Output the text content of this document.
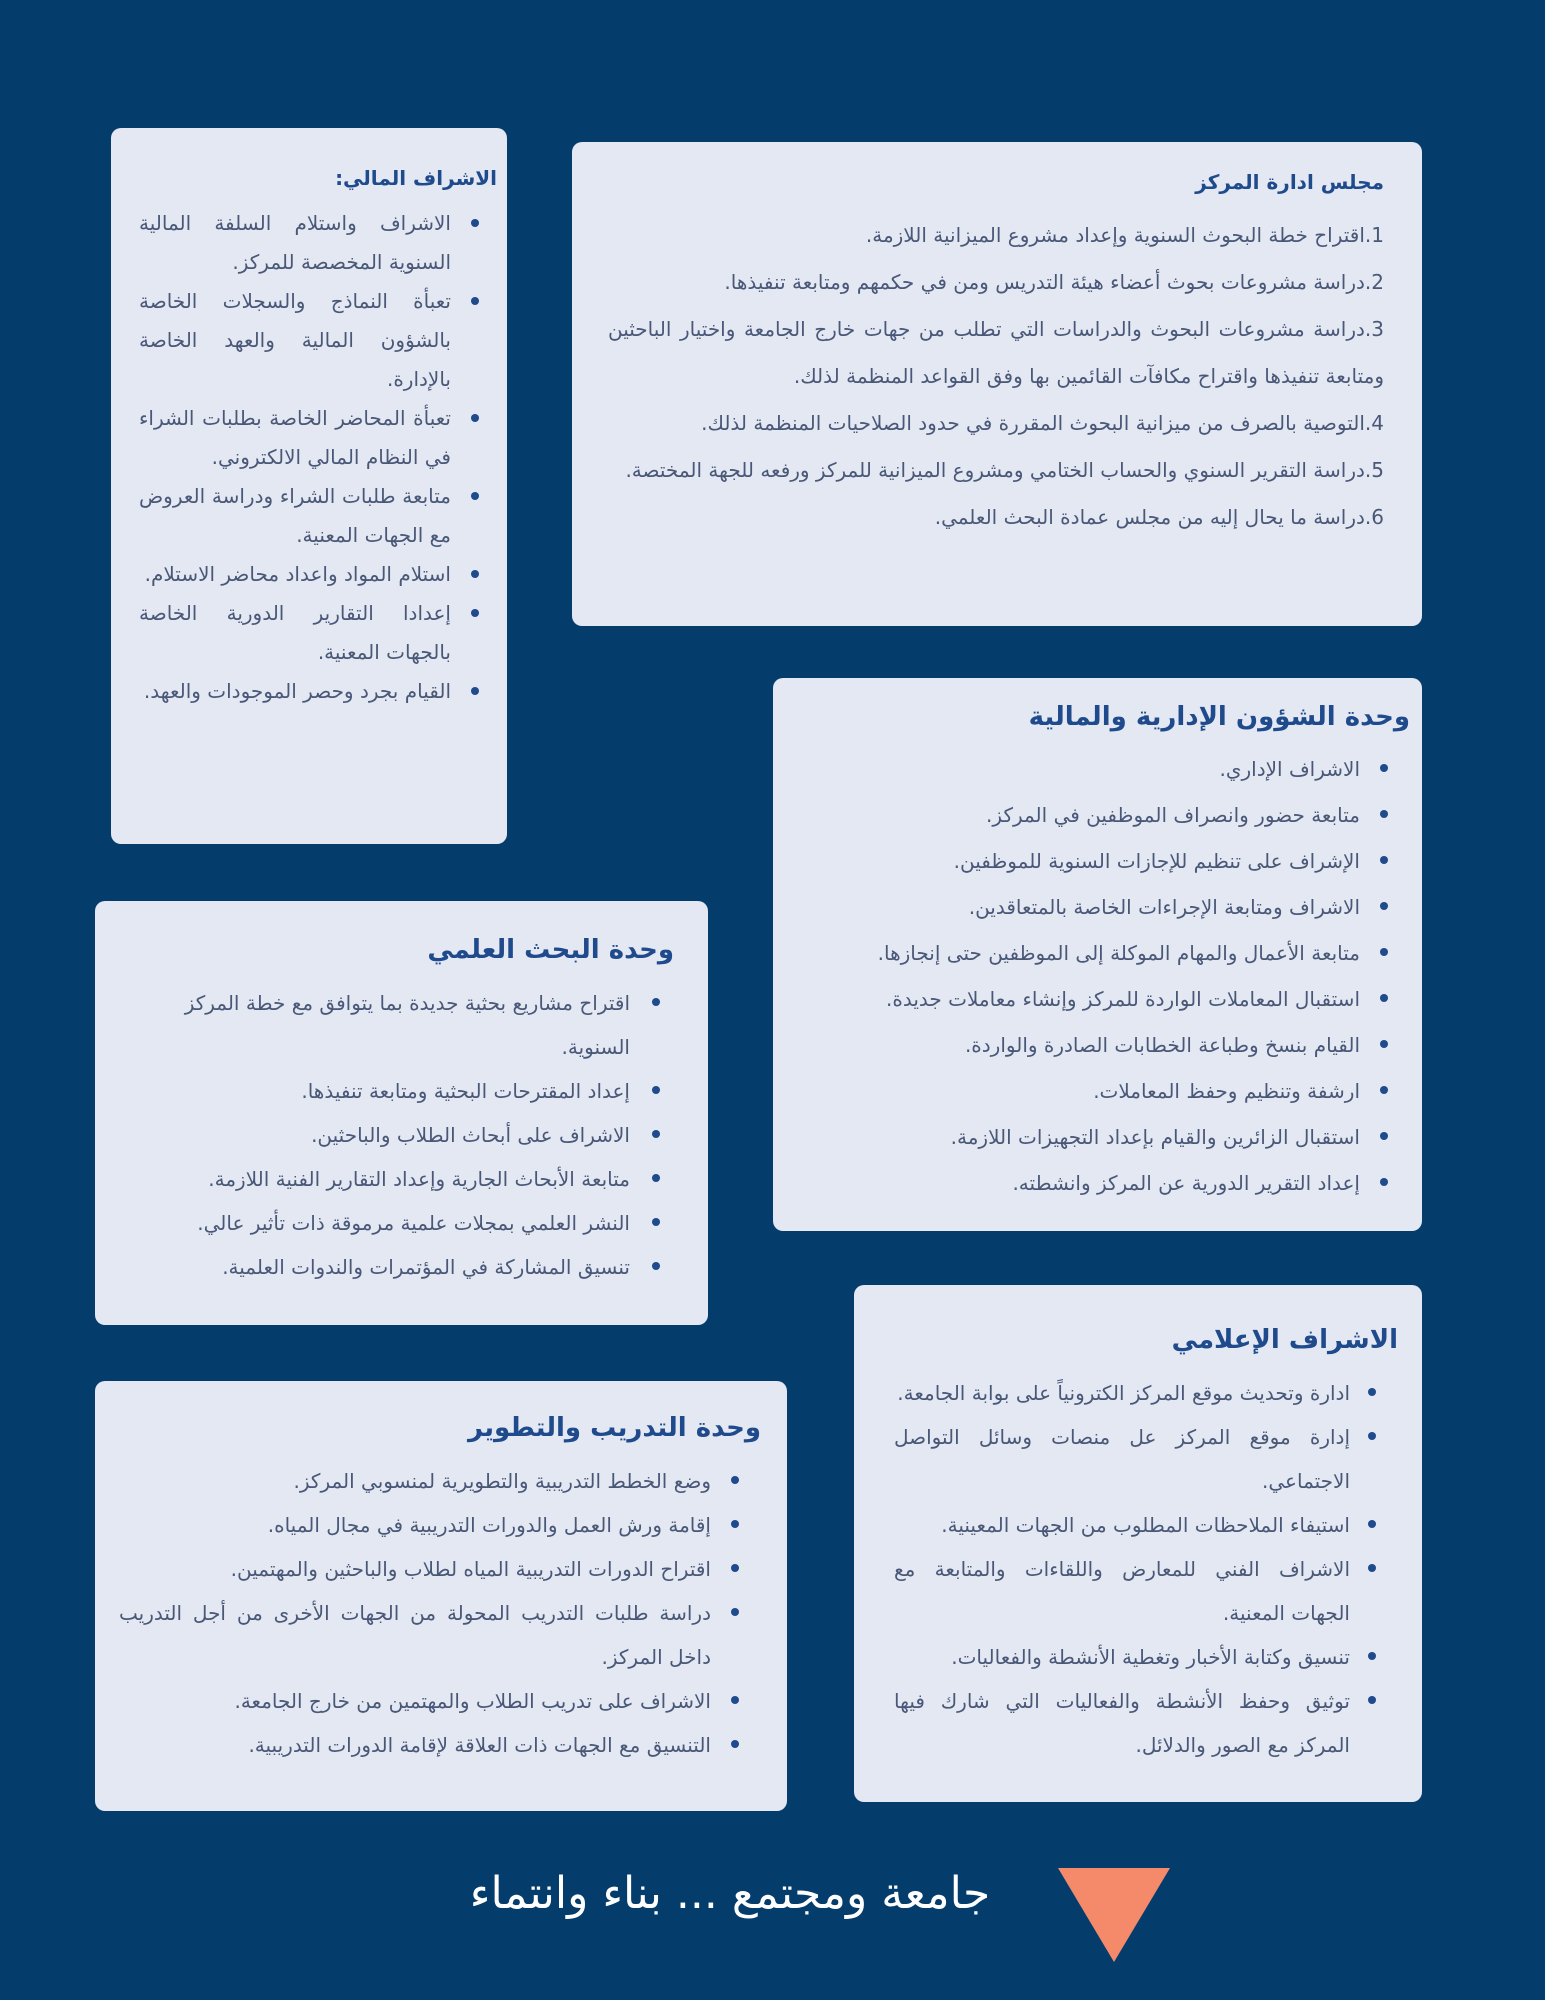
مجلس ادارة المركز
1.اقتراح خطة البحوث السنوية وإعداد مشروع الميزانية اللازمة.
2.دراسة مشروعات بحوث أعضاء هيئة التدريس ومن في حكمهم ومتابعة تنفيذها.
3.دراسة مشروعات البحوث والدراسات التي تطلب من جهات خارج الجامعة واختيار الباحثين ومتابعة تنفيذها واقتراح مكافآت القائمين بها وفق القواعد المنظمة لذلك.
4.التوصية بالصرف من ميزانية البحوث المقررة في حدود الصلاحيات المنظمة لذلك.
5.دراسة التقرير السنوي والحساب الختامي ومشروع الميزانية للمركز ورفعه للجهة المختصة.
6.دراسة ما يحال إليه من مجلس عمادة البحث العلمي.
الاشراف المالي:
الاشراف واستلام السلفة المالية السنوية المخصصة للمركز.
تعبأة النماذج والسجلات الخاصة بالشؤون المالية والعهد الخاصة بالإدارة.
تعبأة المحاضر الخاصة بطلبات الشراء في النظام المالي الالكتروني.
متابعة طلبات الشراء ودراسة العروض مع الجهات المعنية.
استلام المواد واعداد محاضر الاستلام.
إعدادا التقارير الدورية الخاصة بالجهات المعنية.
القيام بجرد وحصر الموجودات والعهد.
وحدة الشؤون الإدارية والمالية
الاشراف الإداري.
متابعة حضور وانصراف الموظفين في المركز.
الإشراف على تنظيم للإجازات السنوية للموظفين.
الاشراف ومتابعة الإجراءات الخاصة بالمتعاقدين.
متابعة الأعمال والمهام الموكلة إلى الموظفين حتى إنجازها.
استقبال المعاملات الواردة للمركز وإنشاء معاملات جديدة.
القيام بنسخ وطباعة الخطابات الصادرة والواردة.
ارشفة وتنظيم وحفظ المعاملات.
استقبال الزائرين والقيام بإعداد التجهيزات اللازمة.
إعداد التقرير الدورية عن المركز وانشطته.
وحدة البحث العلمي
اقتراح مشاريع بحثية جديدة بما يتوافق مع خطة المركز السنوية.
إعداد المقترحات البحثية ومتابعة تنفيذها.
الاشراف على أبحاث الطلاب والباحثين.
متابعة الأبحاث الجارية وإعداد التقارير الفنية اللازمة.
النشر العلمي بمجلات علمية مرموقة ذات تأثير عالي.
تنسيق المشاركة في المؤتمرات والندوات العلمية.
الاشراف الإعلامي
ادارة وتحديث موقع المركز الكترونياً على بوابة الجامعة.
إدارة موقع المركز عل منصات وسائل التواصل الاجتماعي.
استيفاء الملاحظات المطلوب من الجهات المعينية.
الاشراف الفني للمعارض واللقاءات والمتابعة مع الجهات المعنية.
تنسيق وكتابة الأخبار وتغطية الأنشطة والفعاليات.
توثيق وحفظ الأنشطة والفعاليات التي شارك فيها المركز مع الصور والدلائل.
وحدة التدريب والتطوير
وضع الخطط التدريبية والتطويرية لمنسوبي المركز.
إقامة ورش العمل والدورات التدريبية في مجال المياه.
اقتراح الدورات التدريبية المياه لطلاب والباحثين والمهتمين.
دراسة طلبات التدريب المحولة من الجهات الأخرى من أجل التدريب داخل المركز.
الاشراف على تدريب الطلاب والمهتمين من خارج الجامعة.
التنسيق مع الجهات ذات العلاقة لإقامة الدورات التدريبية.
جامعة ومجتمع ... بناء وانتماء
